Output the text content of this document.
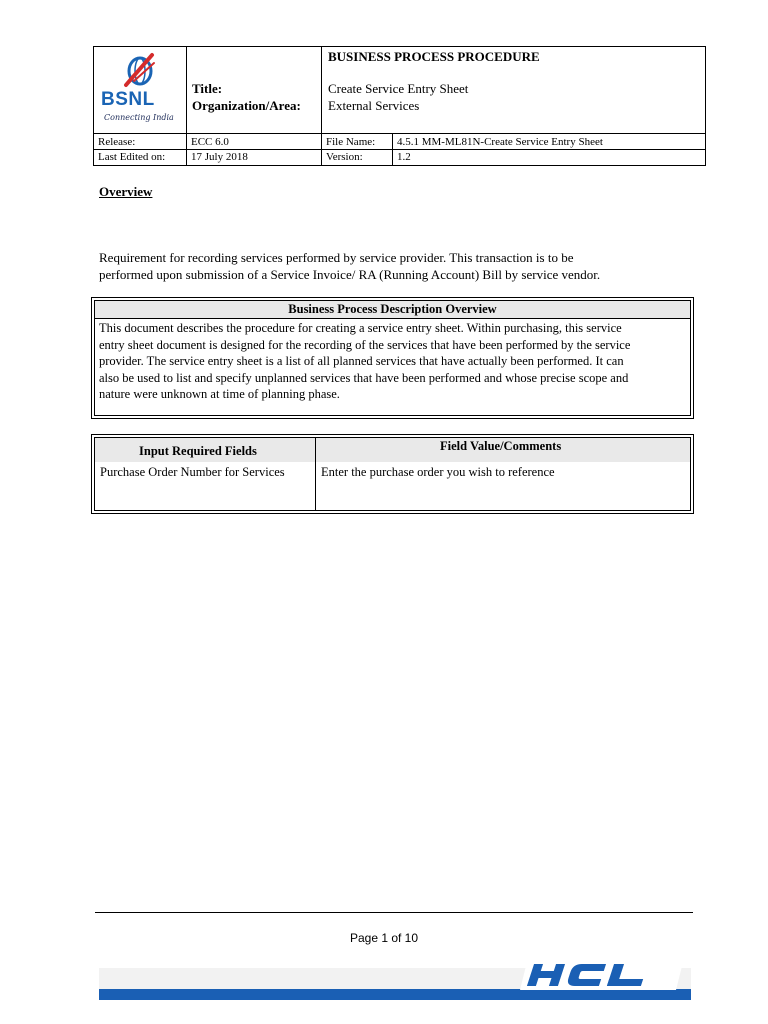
BSNL
Connecting India
Title:
Organization/Area:
BUSINESS PROCESS PROCEDURE
Create Service Entry Sheet
External Services
Release:	ECC 6.0	File Name: 4.5.1 MM-ML81N-Create Service Entry Sheet
Last Edited on: 17 July 2018	Version:	1.2
Overview
Requirement for recording services performed by service provider. This transaction is to be
performed upon submission of a Service Invoice/ RA (Running Account) Bill by service vendor.
Business Process Description Overview
This document describes the procedure for creating a service entry sheet. Within purchasing, this service
entry sheet document is designed for the recording of the services that have been performed by the service
provider. The service entry sheet is a list of all planned services that have actually been performed. It can
also be used to list and specify unplanned services that have been performed and whose precise scope and
nature were unknown at time of planning phase.
Input Required Fields	Field Value/Comments
Purchase Order Number for Services	Enter the purchase order you wish to reference
Page 1 of 10
HCL
